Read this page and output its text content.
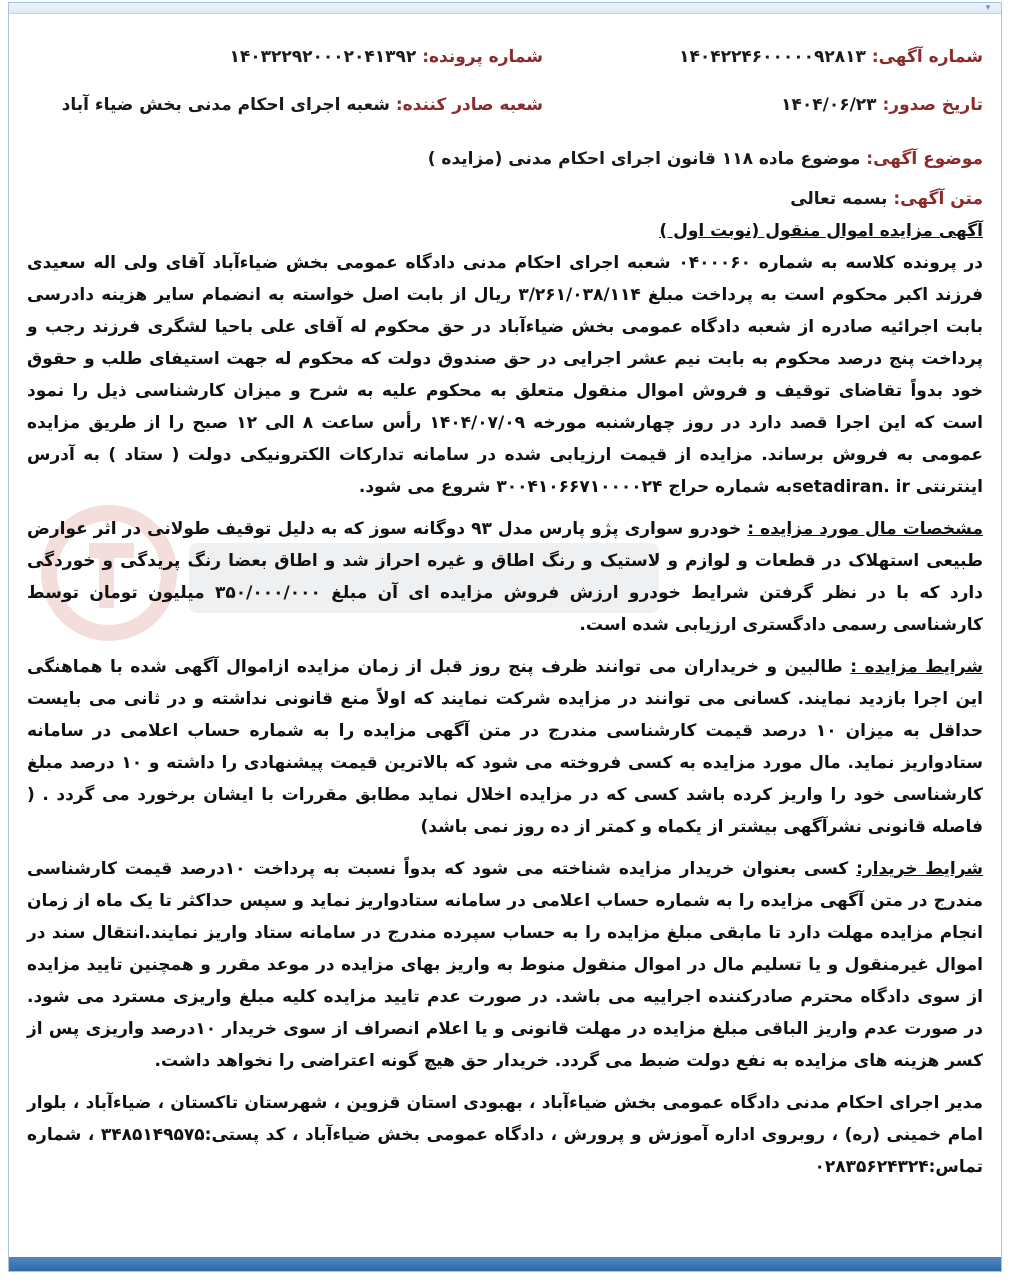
▾
شماره آگهی: ۱۴۰۴۲۲۴۶۰۰۰۰۰۹۲۸۱۳
شماره پرونده: ۱۴۰۳۲۲۹۲۰۰۰۲۰۴۱۳۹۲
تاریخ صدور: ۱۴۰۴/۰۶/۲۳
شعبه صادر کننده: شعبه اجرای احکام مدنی بخش ضیاء آباد

موضوع آگهی: موضوع ماده ۱۱۸ قانون اجرای احکام مدنی (مزایده )

متن آگهی: بسمه تعالی

آگهی مزایده اموال منقول (نوبت اول )

در پرونده کلاسه به شماره ۰۴۰۰۰۶۰ شعبه اجرای احکام مدنی دادگاه عمومی بخش ضیاءآباد آقای ولی اله سعیدی فرزند اکبر محکوم است به پرداخت مبلغ ۳/۲۶۱/۰۳۸/۱۱۴ ریال از بابت اصل خواسته به انضمام سایر هزینه دادرسی بابت اجرائیه صادره از شعبه دادگاه عمومی بخش ضیاءآباد در حق محکوم له آقای علی باحیا لشگری فرزند رجب و پرداخت پنج درصد محکوم به بابت نیم عشر اجرایی در حق صندوق دولت که محکوم له جهت استیفای طلب و حقوق خود بدواً تقاضای توقیف و فروش اموال منقول متعلق به محکوم علیه به شرح و میزان کارشناسی ذیل را نمود است که این اجرا قصد دارد در روز چهارشنبه مورخه ۱۴۰۴/۰۷/۰۹ رأس ساعت ۸ الی ۱۲ صبح را از طریق مزایده عمومی به فروش برساند. مزایده از قیمت ارزیابی شده در سامانه تدارکات الکترونیکی دولت ( ستاد ) به آدرس اینترنتی setadiran. irبه شماره حراج ۳۰۰۴۱۰۶۶۷۱۰۰۰۰۲۴ شروع می شود.

مشخصات مال مورد مزایده : خودرو سواری پژو پارس مدل ۹۳ دوگانه سوز که به دلیل توقیف طولانی در اثر عوارض طبیعی استهلاک در قطعات و لوازم و لاستیک و رنگ اطاق و غیره احراز شد و اطاق بعضا رنگ پریدگی و خوردگی دارد که با در نظر گرفتن شرایط خودرو ارزش فروش مزایده ای آن مبلغ ۳۵۰/۰۰۰/۰۰۰ میلیون تومان توسط کارشناسی رسمی دادگستری ارزیابی شده است.

شرایط مزایده : طالبین و خریداران می توانند ظرف پنج روز قبل از زمان مزایده ازاموال آگهی شده با هماهنگی این اجرا بازدید نمایند. کسانی می توانند در مزایده شرکت نمایند که اولاً منع قانونی نداشته و در ثانی می بایست حداقل به میزان ۱۰ درصد قیمت کارشناسی مندرج در متن آگهی مزایده را به شماره حساب اعلامی در سامانه ستادواریز نماید. مال مورد مزایده به کسی فروخته می شود که بالاترین قیمت پیشنهادی را داشته و ۱۰ درصد مبلغ کارشناسی خود را واریز کرده باشد کسی که در مزایده اخلال نماید مطابق مقررات با ایشان برخورد می گردد . ( فاصله قانونی نشرآگهی بیشتر از یکماه و کمتر از ده روز نمی باشد)

شرایط خریدار: کسی بعنوان خریدار مزایده شناخته می شود که بدواً نسبت به پرداخت ۱۰درصد قیمت کارشناسی مندرج در متن آگهی مزایده را به شماره حساب اعلامی در سامانه ستادواریز نماید و سپس حداکثر تا یک ماه از زمان انجام مزایده مهلت دارد تا مابقی مبلغ مزایده را به حساب سپرده مندرج در سامانه ستاد واریز نمایند.انتقال سند در اموال غیرمنقول و یا تسلیم مال در اموال منقول منوط به واریز بهای مزایده در موعد مقرر و همچنین تایید مزایده از سوی دادگاه محترم صادرکننده اجراییه می باشد. در صورت عدم تایید مزایده کلیه مبلغ واریزی مسترد می شود. در صورت عدم واریز الباقی مبلغ مزایده در مهلت قانونی و یا اعلام انصراف از سوی خریدار ۱۰درصد واریزی پس از کسر هزینه های مزایده به نفع دولت ضبط می گردد. خریدار حق هیچ گونه اعتراضی را نخواهد داشت.

مدیر اجرای احکام مدنی دادگاه عمومی بخش ضیاءآباد ، بهبودی استان قزوین ، شهرستان تاکستان ، ضیاءآباد ، بلوار امام خمینی (ره) ، روبروی اداره آموزش و پرورش ، دادگاه عمومی بخش ضیاءآباد ، کد پستی:۳۴۸۵۱۴۹۵۷۵ ، شماره تماس:۰۲۸۳۵۶۲۴۳۲۴
